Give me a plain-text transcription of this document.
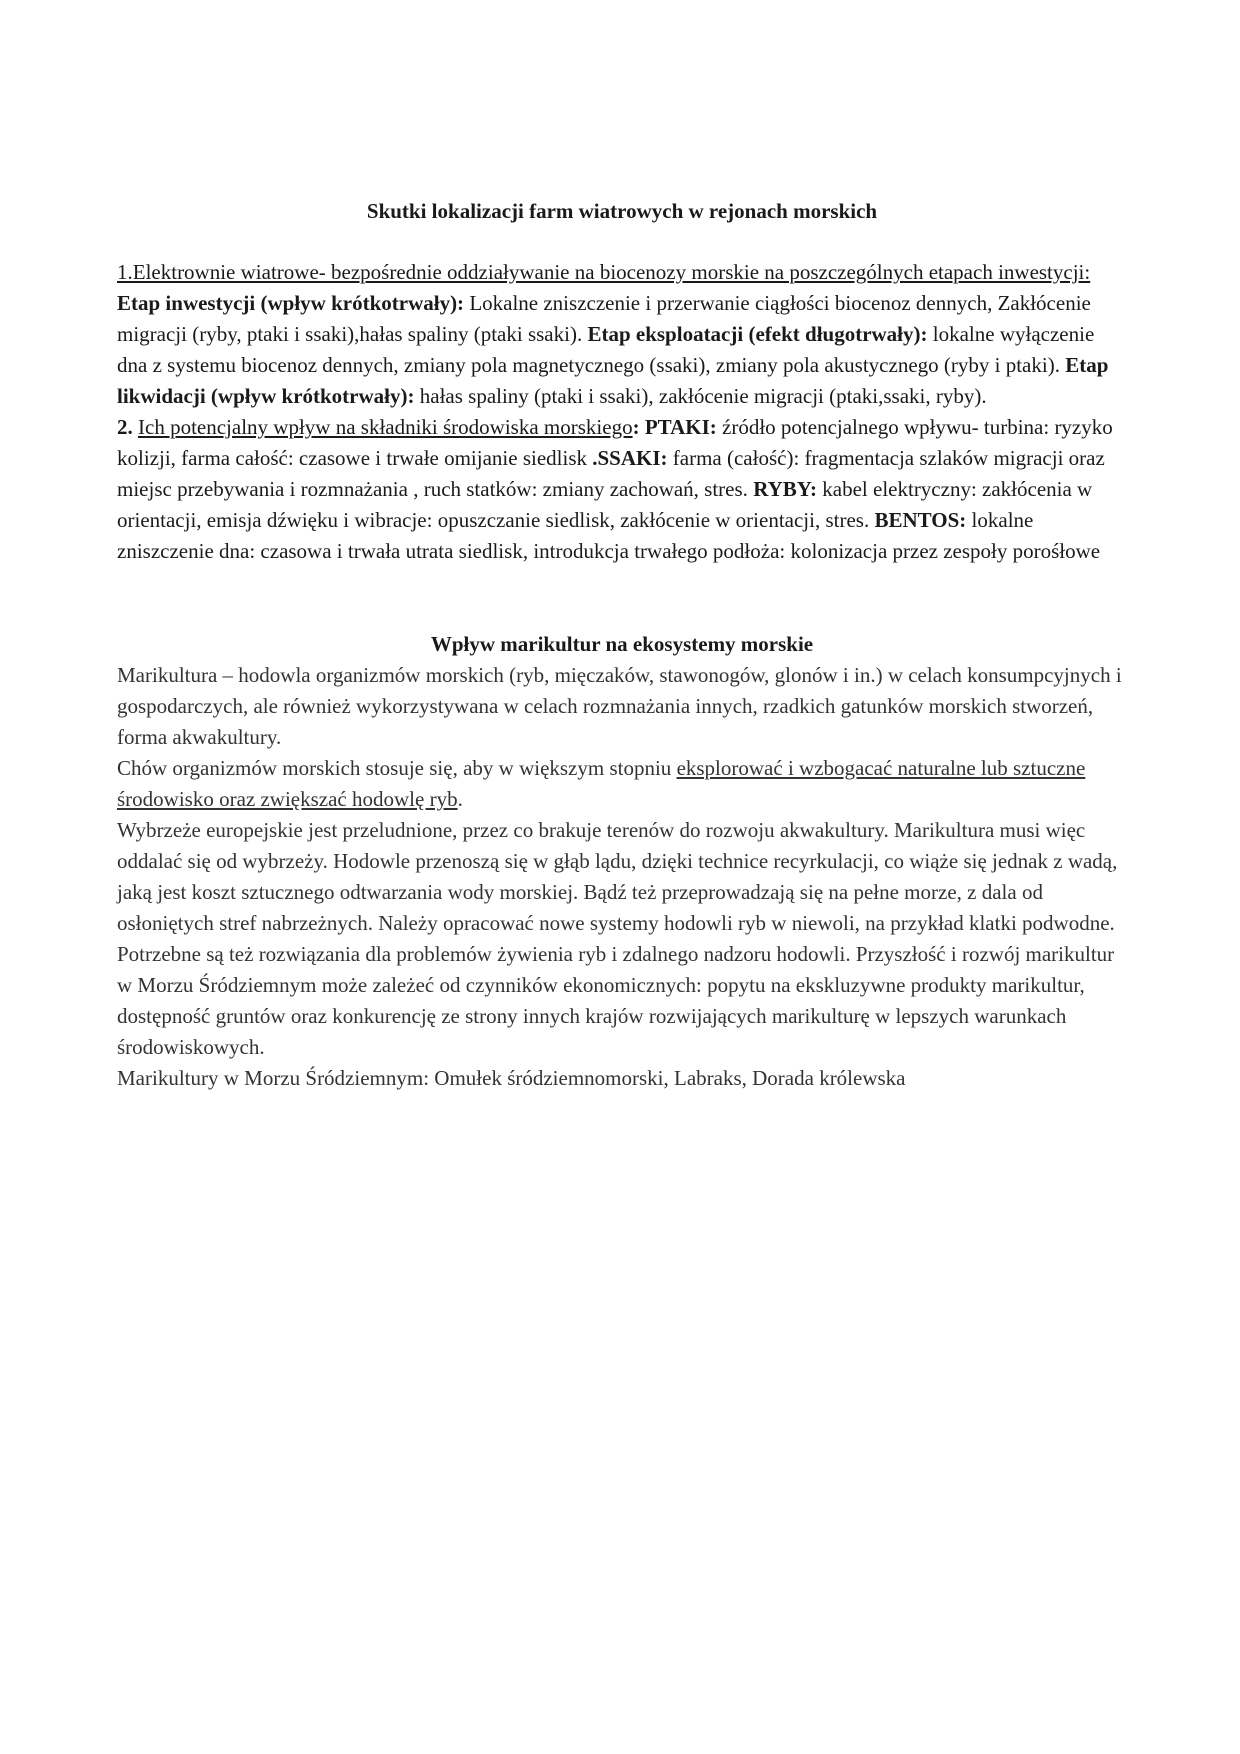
Skutki lokalizacji farm wiatrowych w rejonach morskich

1.Elektrownie wiatrowe- bezpośrednie oddziaływanie na biocenozy morskie na poszczególnych etapach inwestycji: Etap inwestycji (wpływ krótkotrwały): Lokalne zniszczenie i przerwanie ciągłości biocenoz dennych, Zakłócenie migracji (ryby, ptaki i ssaki),hałas spaliny (ptaki ssaki). Etap eksploatacji (efekt długotrwały): lokalne wyłączenie dna z systemu biocenoz dennych, zmiany pola magnetycznego (ssaki), zmiany pola akustycznego (ryby i ptaki). Etap likwidacji (wpływ krótkotrwały): hałas spaliny (ptaki i ssaki), zakłócenie migracji (ptaki,ssaki, ryby).

2. Ich potencjalny wpływ na składniki środowiska morskiego: PTAKI: źródło potencjalnego wpływu- turbina: ryzyko kolizji, farma całość: czasowe i trwałe omijanie siedlisk .SSAKI: farma (całość): fragmentacja szlaków migracji oraz miejsc przebywania i rozmnażania , ruch statków: zmiany zachowań, stres. RYBY: kabel elektryczny: zakłócenia w orientacji, emisja dźwięku i wibracje: opuszczanie siedlisk, zakłócenie w orientacji, stres. BENTOS: lokalne zniszczenie dna: czasowa i trwała utrata siedlisk, introdukcja trwałego podłoża: kolonizacja przez zespoły porośłowe

Wpływ marikultur na ekosystemy morskie

Marikultura – hodowla organizmów morskich (ryb, mięczaków, stawonogów, glonów i in.) w celach konsumpcyjnych i gospodarczych, ale również wykorzystywana w celach rozmnażania innych, rzadkich gatunków morskich stworzeń, forma akwakultury.

Chów organizmów morskich stosuje się, aby w większym stopniu eksplorować i wzbogacać naturalne lub sztuczne środowisko oraz zwiększać hodowlę ryb.

Wybrzeże europejskie jest przeludnione, przez co brakuje terenów do rozwoju akwakultury. Marikultura musi więc oddalać się od wybrzeży. Hodowle przenoszą się w głąb lądu, dzięki technice recyrkulacji, co wiąże się jednak z wadą, jaką jest koszt sztucznego odtwarzania wody morskiej. Bądź też przeprowadzają się na pełne morze, z dala od osłoniętych stref nabrzeżnych. Należy opracować nowe systemy hodowli ryb w niewoli, na przykład klatki podwodne. Potrzebne są też rozwiązania dla problemów żywienia ryb i zdalnego nadzoru hodowli. Przyszłość i rozwój marikultur w Morzu Śródziemnym może zależeć od czynników ekonomicznych: popytu na ekskluzywne produkty marikultur, dostępność gruntów oraz konkurencję ze strony innych krajów rozwijających marikulturę w lepszych warunkach środowiskowych.

Marikultury w Morzu Śródziemnym: Omułek śródziemnomorski, Labraks, Dorada królewska
